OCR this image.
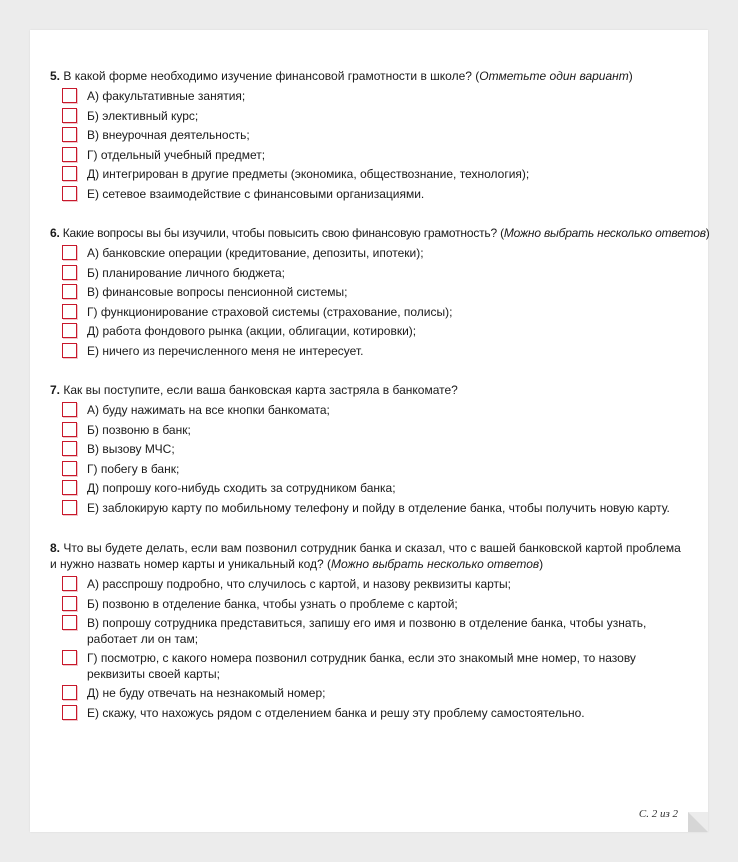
5. В какой форме необходимо изучение финансовой грамотности в школе? (Отметьте один вариант)

А) факультативные занятия;
Б) элективный курс;
В) внеурочная деятельность;
Г) отдельный учебный предмет;
Д) интегрирован в другие предметы (экономика, обществознание, технология);
Е) сетевое взаимодействие с финансовыми организациями.

6. Какие вопросы вы бы изучили, чтобы повысить свою финансовую грамотность? (Можно выбрать несколько ответов)

А) банковские операции (кредитование, депозиты, ипотеки);
Б) планирование личного бюджета;
В) финансовые вопросы пенсионной системы;
Г) функционирование страховой системы (страхование, полисы);
Д) работа фондового рынка (акции, облигации, котировки);
Е) ничего из перечисленного меня не интересует.

7. Как вы поступите, если ваша банковская карта застряла в банкомате?

А) буду нажимать на все кнопки банкомата;
Б) позвоню в банк;
В) вызову МЧС;
Г) побегу в банк;
Д) попрошу кого-нибудь сходить за сотрудником банка;
Е) заблокирую карту по мобильному телефону и пойду в отделение банка, чтобы получить новую карту.

8. Что вы будете делать, если вам позвонил сотрудник банка и сказал, что с вашей банковской картой проблема и нужно назвать номер карты и уникальный код? (Можно выбрать несколько ответов)

А) расспрошу подробно, что случилось с картой, и назову реквизиты карты;
Б) позвоню в отделение банка, чтобы узнать о проблеме с картой;
В) попрошу сотрудника представиться, запишу его имя и позвоню в отделение банка, чтобы узнать, работает ли он там;
Г) посмотрю, с какого номера позвонил сотрудник банка, если это знакомый мне номер, то назову реквизиты своей карты;
Д) не буду отвечать на незнакомый номер;
Е) скажу, что нахожусь рядом с отделением банка и решу эту проблему самостоятельно.
С. 2 из 2
